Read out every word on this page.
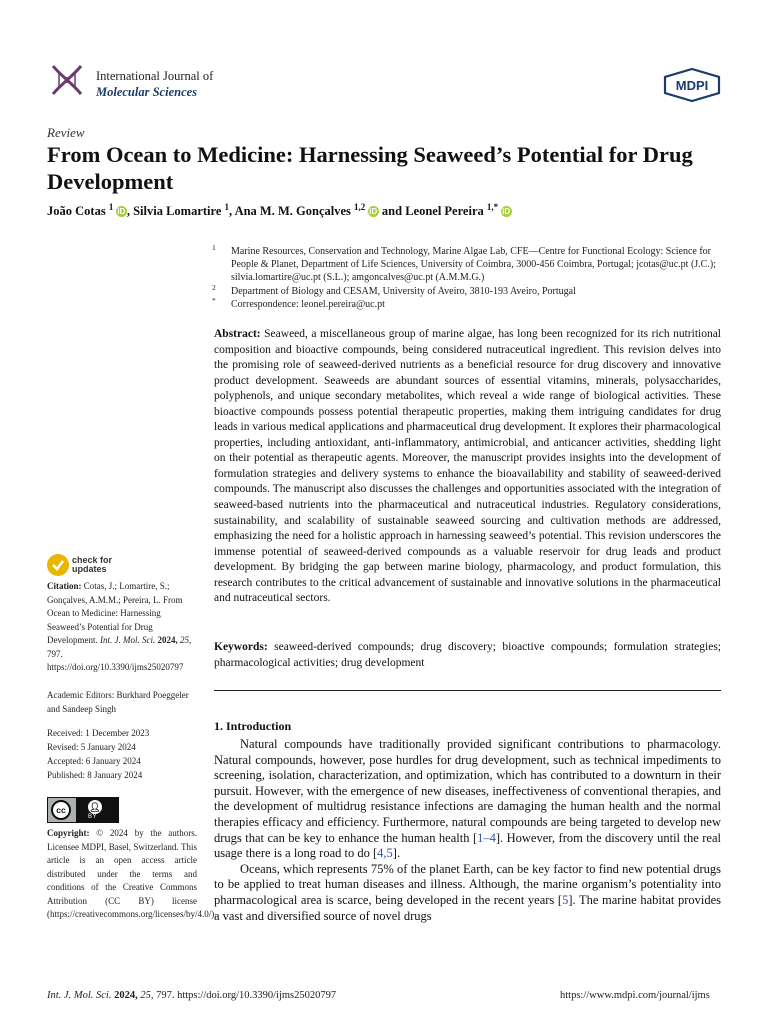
International Journal of
Molecular Sciences	MDPI
Review
From Ocean to Medicine: Harnessing Seaweed’s Potential for Drug Development
João Cotas $^1$  iD , Silvia Lomartire $^1$, Ana M. M. Gonçalves $^{1,2}$  iD and Leonel Pereira $^{1,*}$  iD
1 Marine Resources, Conservation and Technology, Marine Algae Lab, CFE—Centre for Functional Ecology: Science for People & Planet, Department of Life Sciences, University of Coimbra, 3000-456 Coimbra, Portugal; jcotas@uc.pt (J.C.); silvia.lomartire@uc.pt (S.L.); amgoncalves@uc.pt (A.M.M.G.)
2 Department of Biology and CESAM, University of Aveiro, 3810-193 Aveiro, Portugal
* Correspondence: leonel.pereira@uc.pt
Abstract: Seaweed, a miscellaneous group of marine algae, has long been recognized for its rich nutritional composition and bioactive compounds, being considered nutraceutical ingredient. This revision delves into the promising role of seaweed-derived nutrients as a beneficial resource for drug discovery and innovative product development. Seaweeds are abundant sources of essential vitamins, minerals, polysaccharides, polyphenols, and unique secondary metabolites, which reveal a wide range of biological activities. These bioactive compounds possess potential therapeutic properties, making them intriguing candidates for drug leads in various medical applications and pharmaceutical drug development. It explores their pharmacological properties, including antioxidant, anti-inflammatory, antimicrobial, and anticancer activities, shedding light on their potential as therapeutic agents. Moreover, the manuscript provides insights into the development of formulation strategies and delivery systems to enhance the bioavailability and stability of seaweed-derived compounds. The manuscript also discusses the challenges and opportunities associated with the integration of seaweed-based nutrients into the pharmaceutical and nutraceutical industries. Regulatory considerations, sustainability, and scalability of sustainable seaweed sourcing and cultivation methods are addressed, emphasizing the need for a holistic approach in harnessing seaweed’s potential. This revision underscores the immense potential of seaweed-derived compounds as a valuable reservoir for drug leads and product development. By bridging the gap between marine biology, pharmacology, and product formulation, this research contributes to the critical advancement of sustainable and innovative solutions in the pharmaceutical and nutraceutical sectors.
Keywords: seaweed-derived compounds; drug discovery; bioactive compounds; formulation strategies; pharmacological activities; drug development
1. Introduction

Natural compounds have traditionally provided significant contributions to pharmacology. Natural compounds, however, pose hurdles for drug development, such as technical impediments to screening, isolation, characterization, and optimization, which has contributed to a downturn in their pursuit. However, with the emergence of new diseases, ineffectiveness of conventional therapies, and the development of multidrug resistance infections are damaging the human health and the normal therapies efficacy and efficiency. Furthermore, natural compounds are being targeted to develop new drugs that can be key to enhance the human health [1–4]. However, from the discovery until the real usage there is a long road to do [4,5].

Oceans, which represents 75% of the planet Earth, can be key factor to find new potential drugs to be applied to treat human diseases and illness. Although, the marine organism’s potentiality into pharmacological area is scarce, being developed in the recent years [5]. The marine habitat provides a vast and diversified source of novel drugs

check for
updates
Citation: Cotas, J.; Lomartire, S.; Gonçalves, A.M.M.; Pereira, L. From Ocean to Medicine: Harnessing Seaweed’s Potential for Drug Development. Int. J. Mol. Sci. 2024, 25, 797. https://doi.org/10.3390/ijms25020797
Academic Editors: Burkhard Poeggeler and Sandeep Singh
Received: 1 December 2023
Revised: 5 January 2024
Accepted: 6 January 2024
Published: 8 January 2024
cc	👤︎
BY
Copyright: © 2024 by the authors. Licensee MDPI, Basel, Switzerland. This article is an open access article distributed under the terms and conditions of the Creative Commons Attribution (CC BY) license (https://creativecommons.org/licenses/by/4.0/).
Int. J. Mol. Sci. 2024, 25, 797. https://doi.org/10.3390/ijms25020797	https://www.mdpi.com/journal/ijms
